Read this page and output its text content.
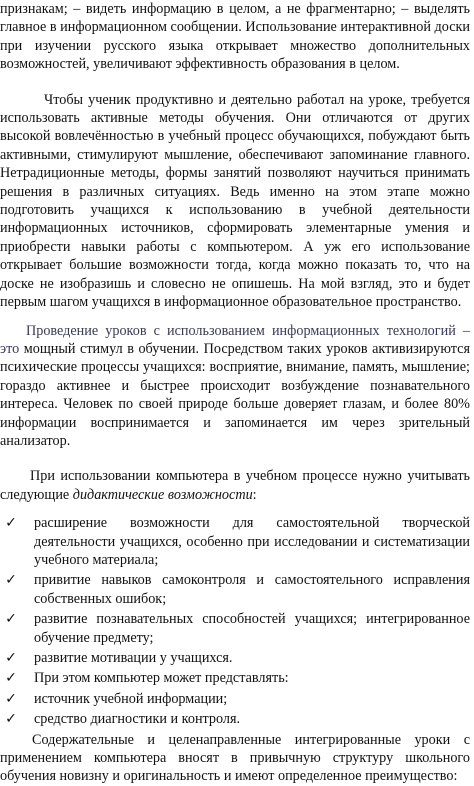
признакам; – видеть информацию в целом, а не фрагментарно; – выделять главное в информационном сообщении. Использование интерактивной доски при изучении русского языка открывает множество дополнительных возможностей, увеличивают эффективность образования в целом.

Чтобы ученик продуктивно и деятельно работал на уроке, требуется использовать активные методы обучения. Они отличаются от других высокой вовлечённостью в учебный процесс обучающихся, побуждают быть активными, стимулируют мышление, обеспечивают запоминание главного. Нетрадиционные методы, формы занятий позволяют научиться принимать решения в различных ситуациях. Ведь именно на этом этапе можно подготовить учащихся к использованию в учебной деятельности информационных источников, сформировать элементарные умения и приобрести навыки работы с компьютером. А уж его использование открывает большие возможности тогда, когда можно показать то, что на доске не изобразишь и словесно не опишешь. На мой взгляд, это и будет первым шагом учащихся в информационное образовательное пространство.

Проведение уроков с использованием информационных технологий – это мощный стимул в обучении. Посредством таких уроков активизируются психические процессы учащихся: восприятие, внимание, память, мышление; гораздо активнее и быстрее происходит возбуждение познавательного интереса. Человек по своей природе больше доверяет глазам, и более 80% информации воспринимается и запоминается им через зрительный анализатор.

При использовании компьютера в учебном процессе нужно учитывать следующие дидактические возможности:

✓ расширение возможности для самостоятельной творческой деятельности учащихся, особенно при исследовании и систематизации учебного материала;
✓ привитие навыков самоконтроля и самостоятельного исправления собственных ошибок;
✓ развитие познавательных способностей учащихся; интегрированное обучение предмету;
✓ развитие мотивации у учащихся.
✓ При этом компьютер может представлять:
✓ источник учебной информации;
✓ средство диагностики и контроля.

Содержательные и целенаправленные интегрированные уроки с применением компьютера вносят в привычную структуру школьного обучения новизну и оригинальность и имеют определенное преимущество:
